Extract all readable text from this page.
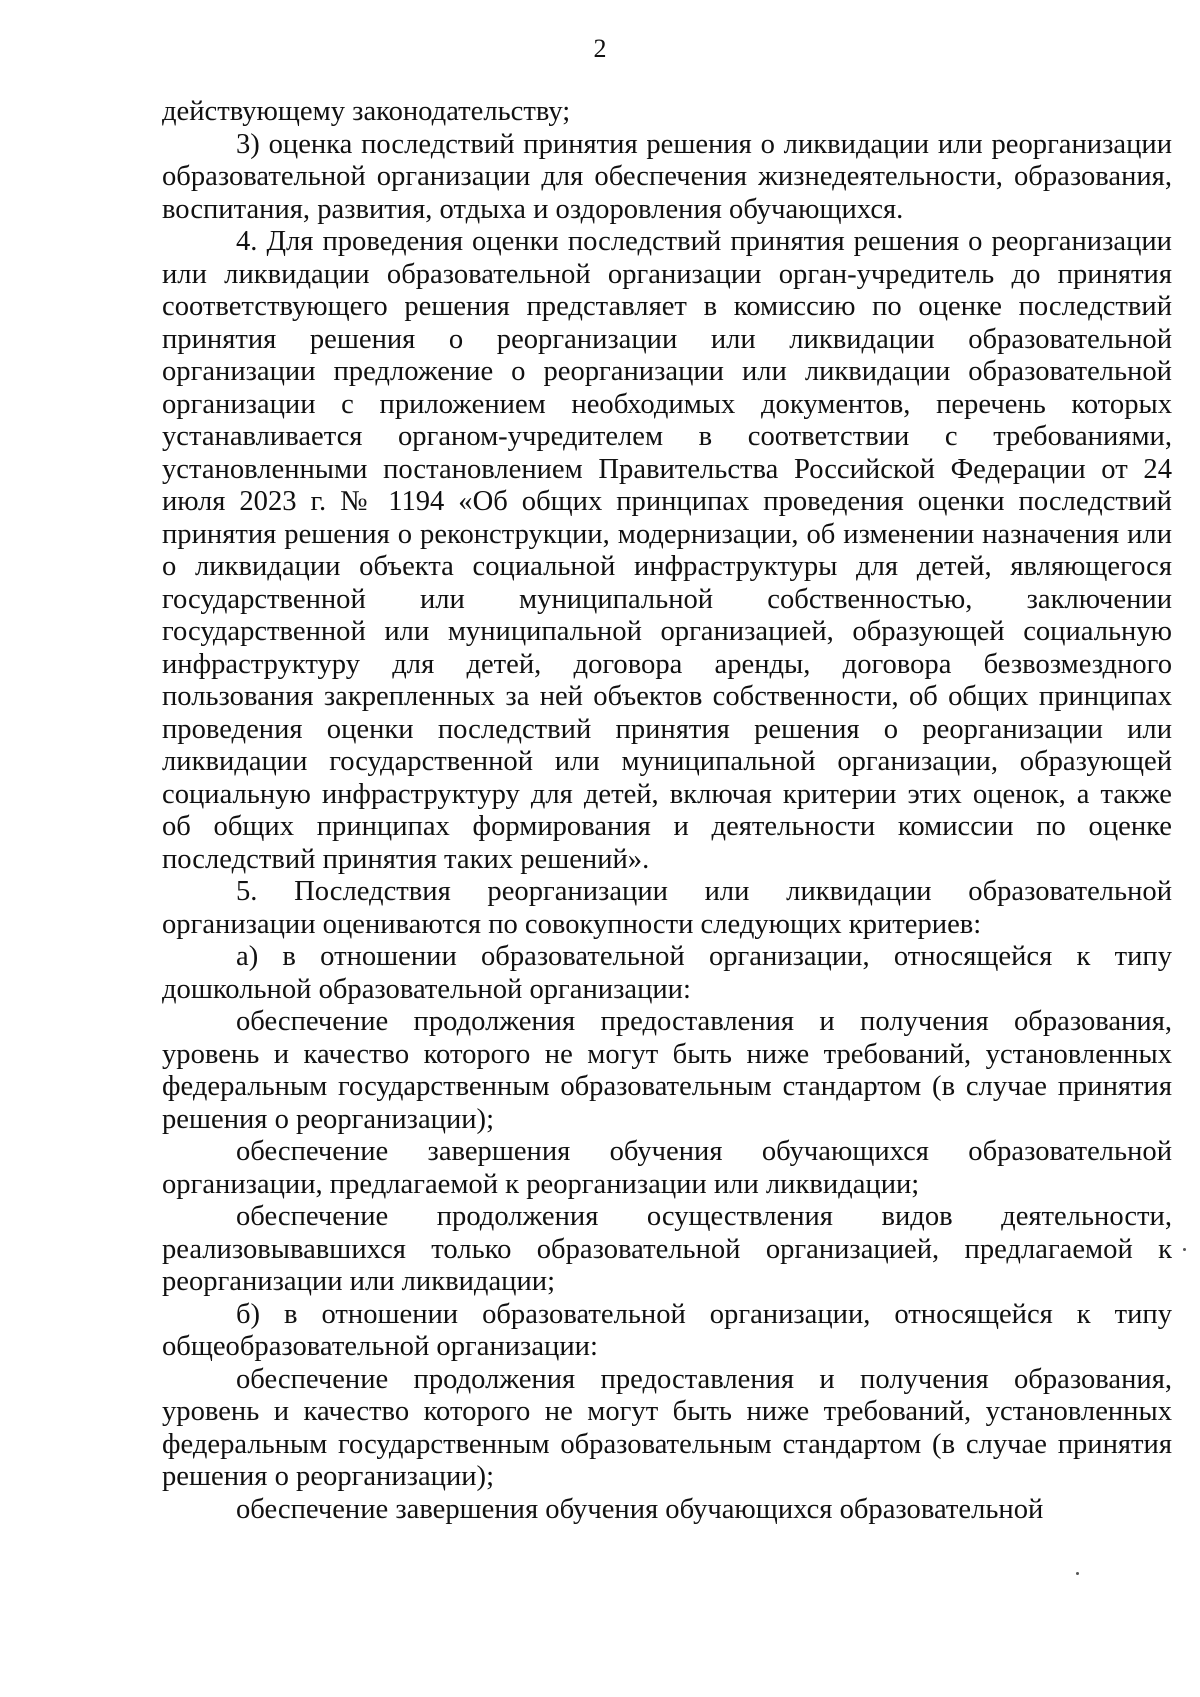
2

действующему законодательству;

3) оценка последствий принятия решения о ликвидации или реорганизации образовательной организации для обеспечения жизнедеятельности, образования, воспитания, развития, отдыха и оздоровления обучающихся.

4. Для проведения оценки последствий принятия решения о реорганизации или ликвидации образовательной организации орган-учредитель до принятия соответствующего решения представляет в комиссию по оценке последствий принятия решения о реорганизации или ликвидации образовательной организации предложение о реорганизации или ликвидации образовательной организации с приложением необходимых документов, перечень которых устанавливается органом-учредителем в соответствии с требованиями, установленными постановлением Правительства Российской Федерации от 24 июля 2023 г. № 1194 «Об общих принципах проведения оценки последствий принятия решения о реконструкции, модернизации, об изменении назначения или о ликвидации объекта социальной инфраструктуры для детей, являющегося государственной или муниципальной собственностью, заключении государственной или муниципальной организацией, образующей социальную инфраструктуру для детей, договора аренды, договора безвозмездного пользования закрепленных за ней объектов собственности, об общих принципах проведения оценки последствий принятия решения о реорганизации или ликвидации государственной или муниципальной организации, образующей социальную инфраструктуру для детей, включая критерии этих оценок, а также об общих принципах формирования и деятельности комиссии по оценке последствий принятия таких решений».

5. Последствия реорганизации или ликвидации образовательной организации оцениваются по совокупности следующих критериев:

а) в отношении образовательной организации, относящейся к типу дошкольной образовательной организации:

обеспечение продолжения предоставления и получения образования, уровень и качество которого не могут быть ниже требований, установленных федеральным государственным образовательным стандартом (в случае принятия решения о реорганизации);

обеспечение завершения обучения обучающихся образовательной организации, предлагаемой к реорганизации или ликвидации;

обеспечение продолжения осуществления видов деятельности, реализовывавшихся только образовательной организацией, предлагаемой к реорганизации или ликвидации;

б) в отношении образовательной организации, относящейся к типу общеобразовательной организации:

обеспечение продолжения предоставления и получения образования, уровень и качество которого не могут быть ниже требований, установленных федеральным государственным образовательным стандартом (в случае принятия решения о реорганизации);

обеспечение завершения обучения обучающихся образовательной
